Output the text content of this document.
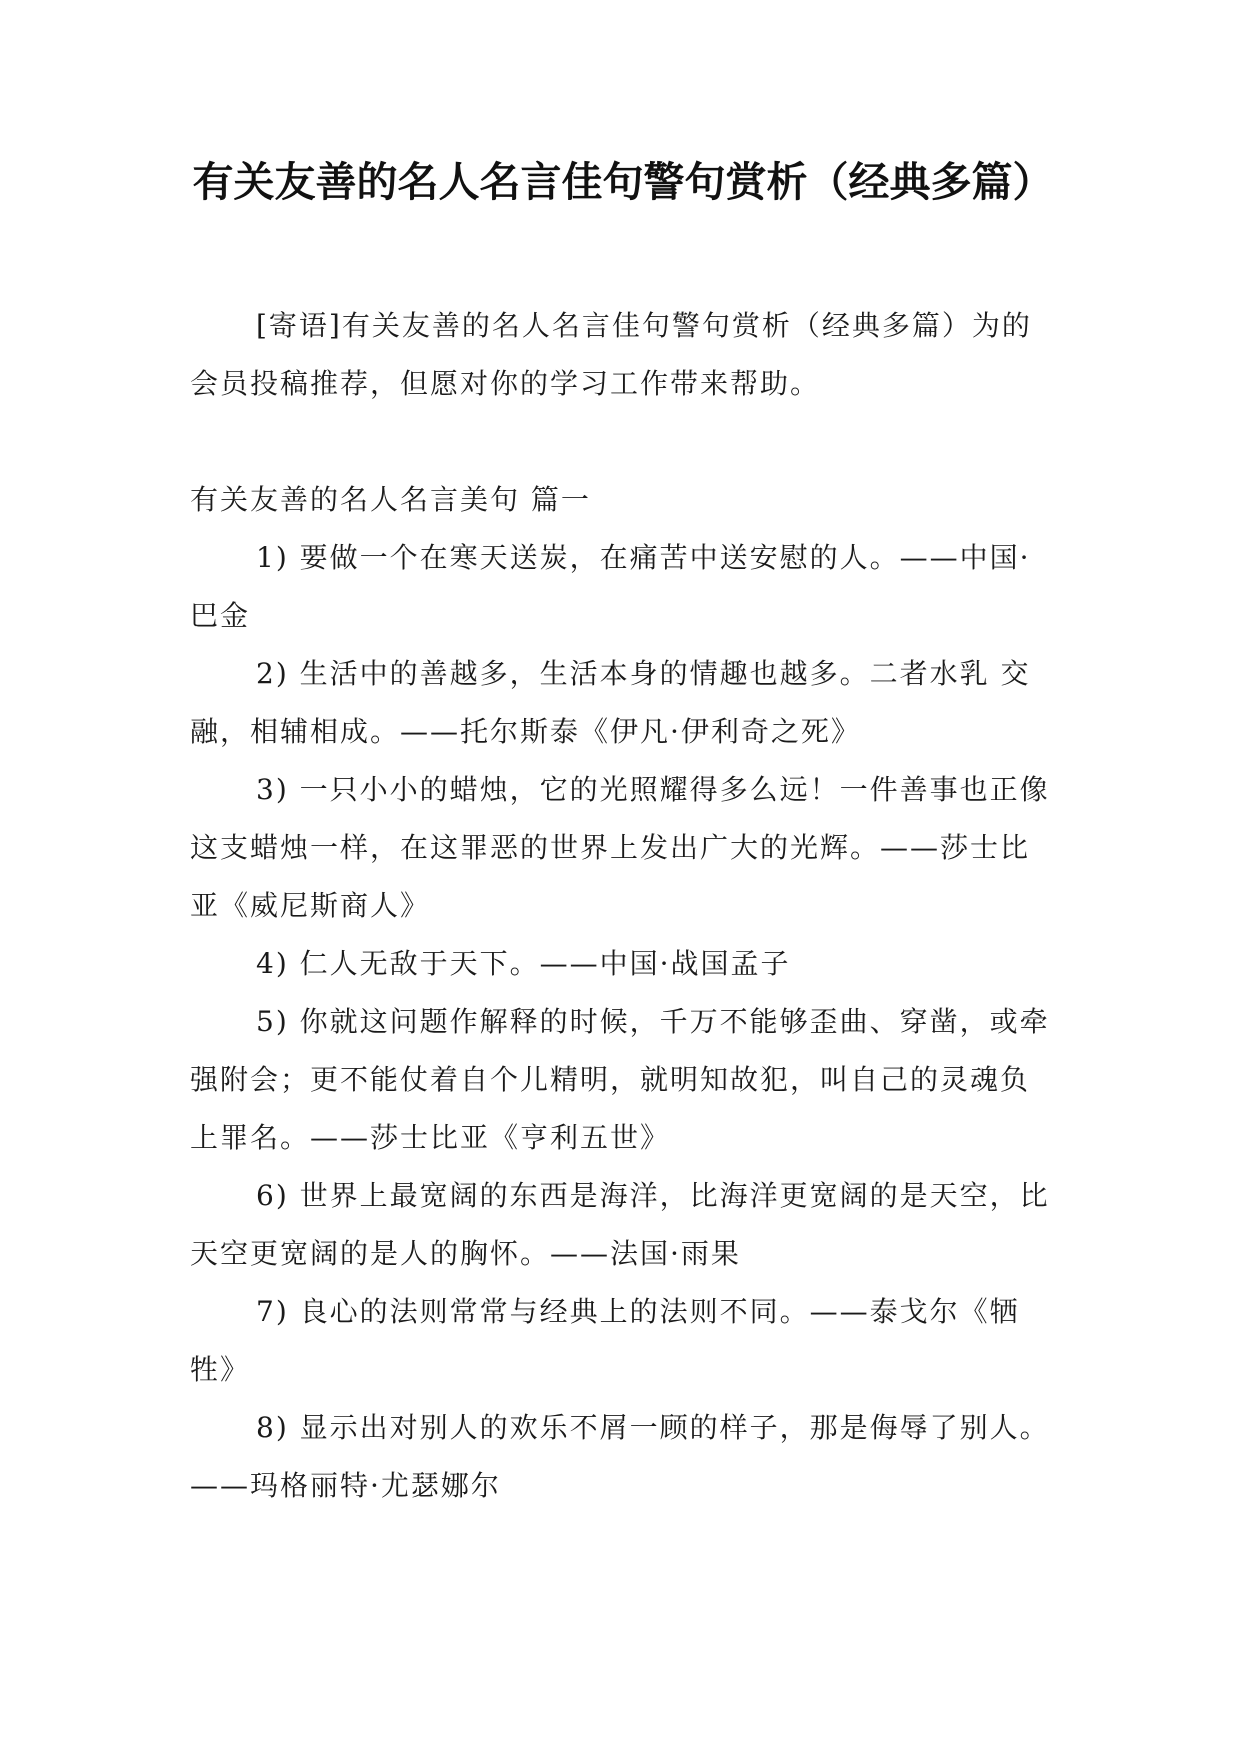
有关友善的名人名言佳句警句赏析（经典多篇）

[寄语]有关友善的名人名言佳句警句赏析（经典多篇）为的会员投稿推荐，但愿对你的学习工作带来帮助。

有关友善的名人名言美句 篇一

1) 要做一个在寒天送炭，在痛苦中送安慰的人。——中国·巴金
2) 生活中的善越多，生活本身的情趣也越多。二者水乳 交融，相辅相成。——托尔斯泰《伊凡·伊利奇之死》
3) 一只小小的蜡烛，它的光照耀得多么远！一件善事也正像这支蜡烛一样，在这罪恶的世界上发出广大的光辉。——莎士比亚《威尼斯商人》
4) 仁人无敌于天下。——中国·战国孟子
5) 你就这问题作解释的时候，千万不能够歪曲、穿凿，或牵强附会；更不能仗着自个儿精明，就明知故犯，叫自己的灵魂负上罪名。——莎士比亚《亨利五世》
6) 世界上最宽阔的东西是海洋，比海洋更宽阔的是天空，比天空更宽阔的是人的胸怀。——法国·雨果
7) 良心的法则常常与经典上的法则不同。——泰戈尔《牺牲》
8) 显示出对别人的欢乐不屑一顾的样子，那是侮辱了别人。——玛格丽特·尤瑟娜尔
